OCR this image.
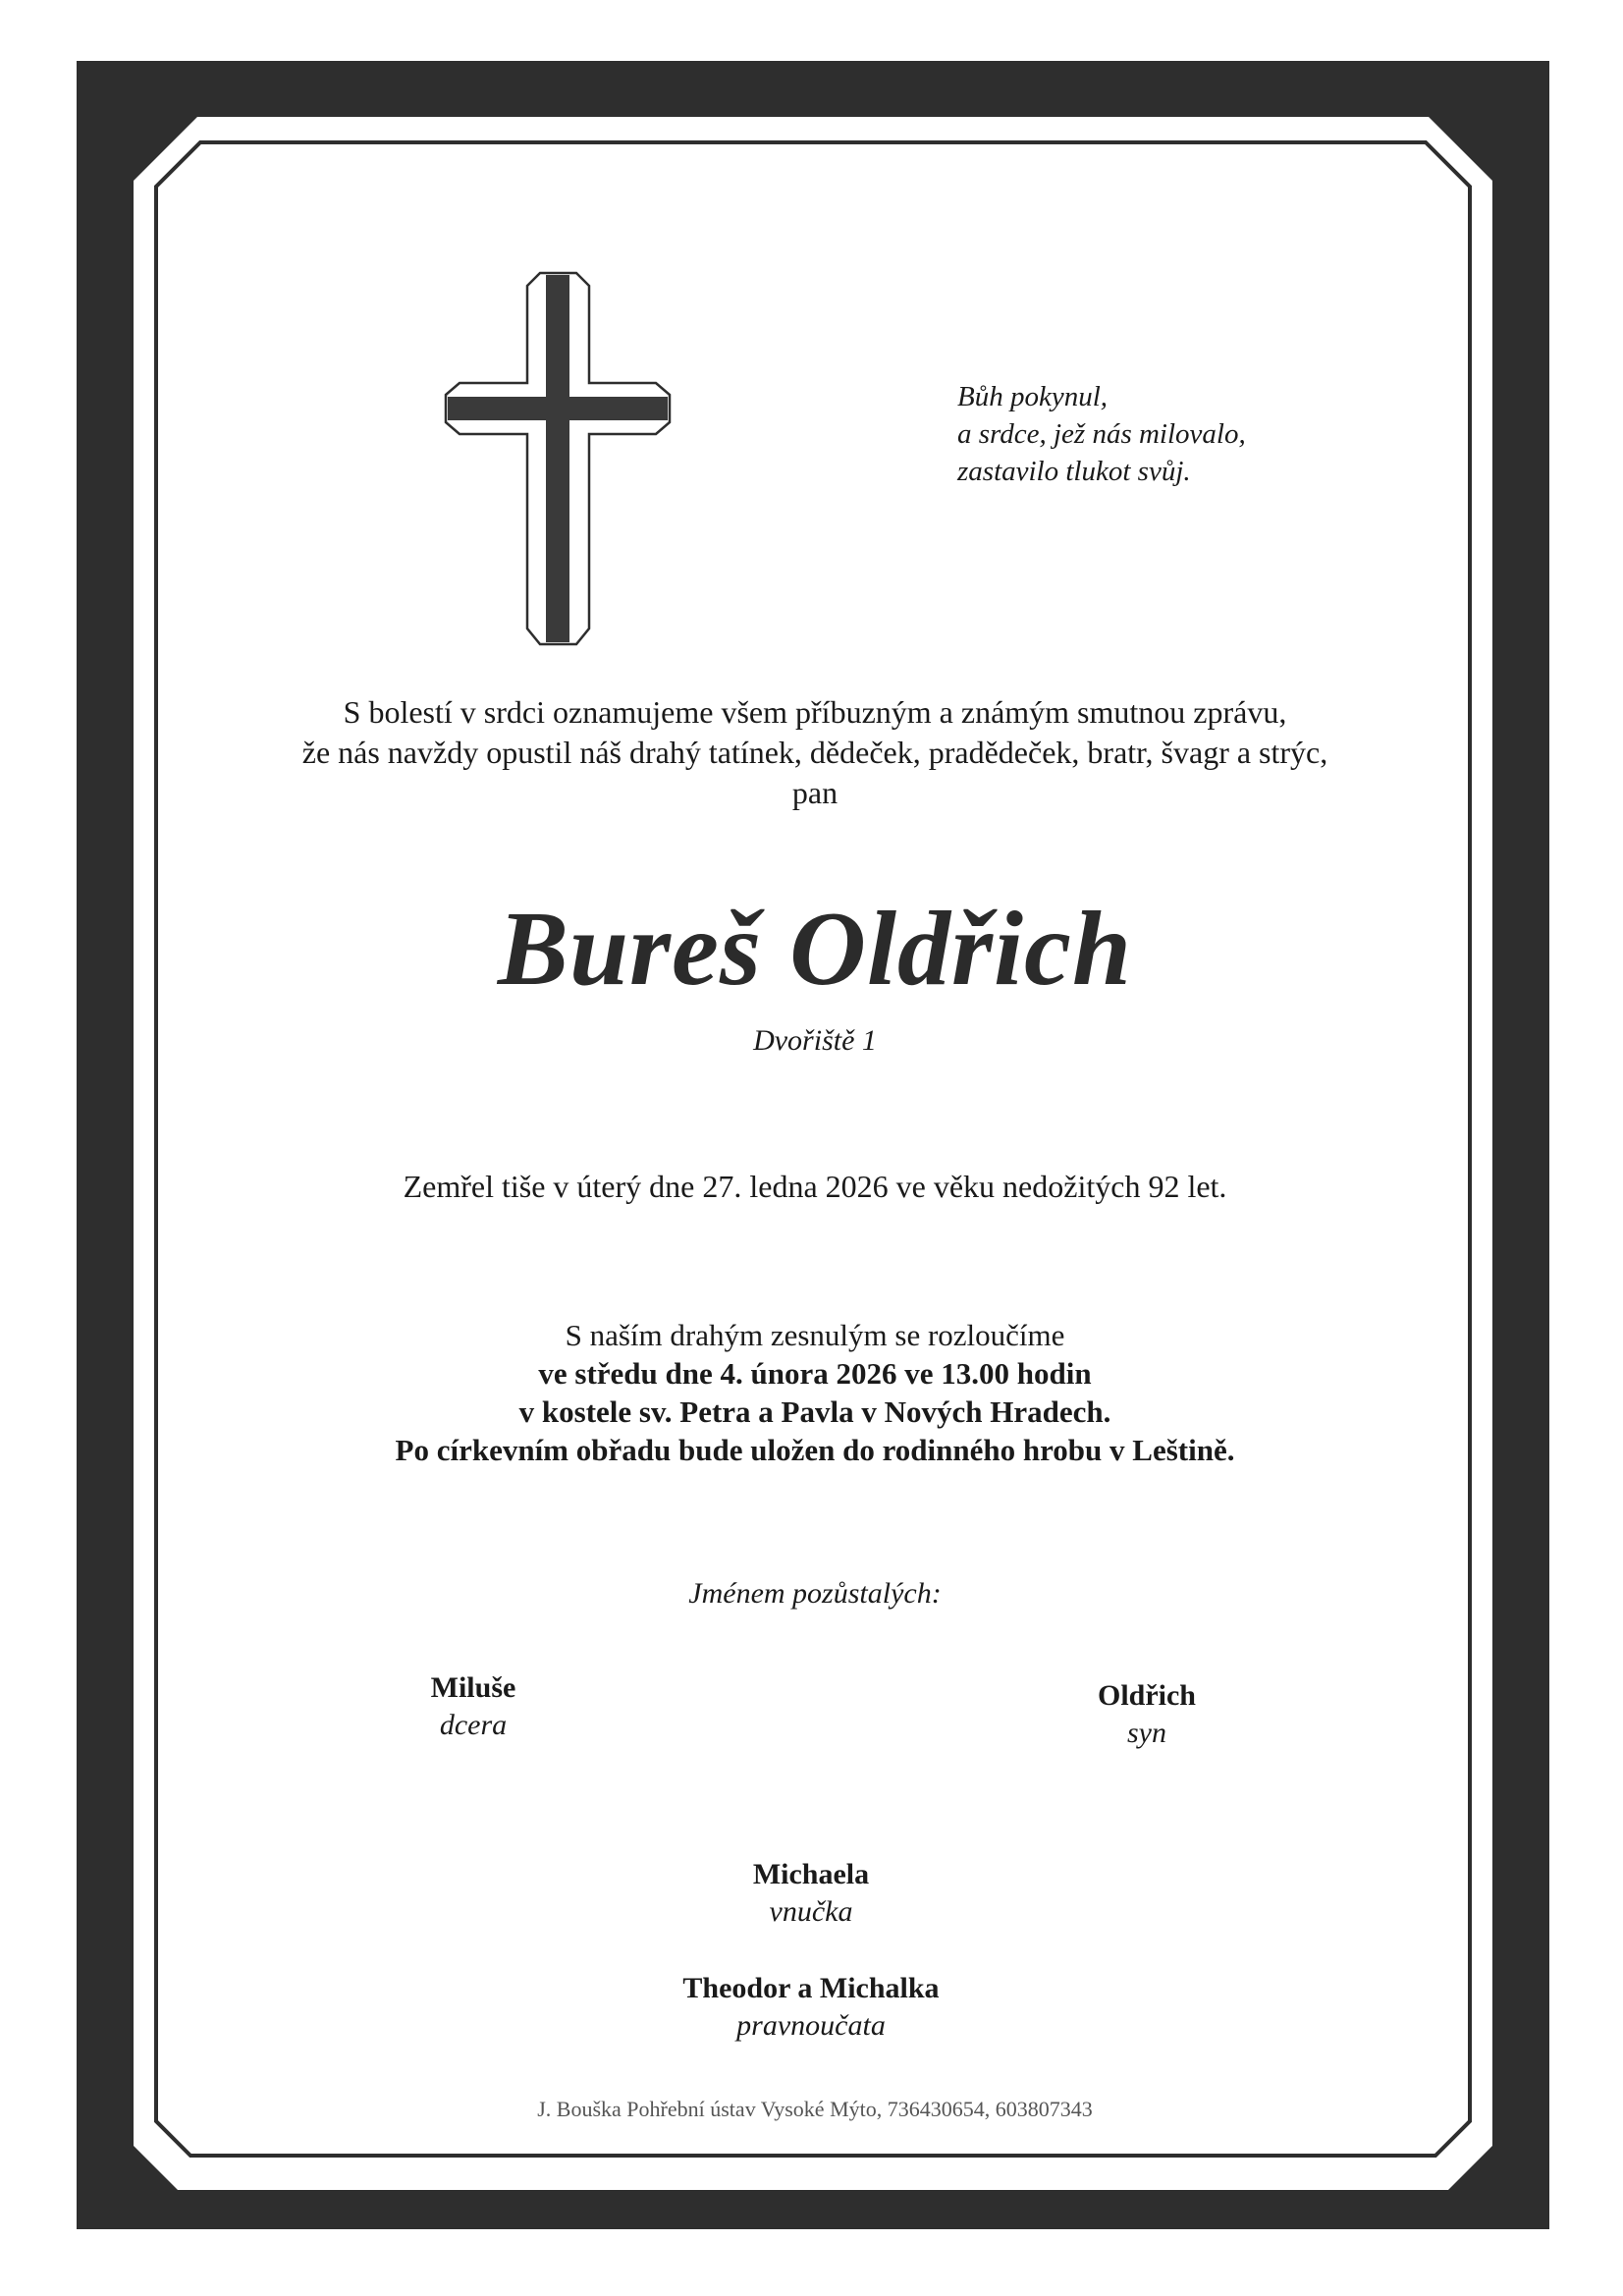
Bůh pokynul,
a srdce, jež nás milovalo,
zastavilo tlukot svůj.
S bolestí v srdci oznamujeme všem příbuzným a známým smutnou zprávu,
že nás navždy opustil náš drahý tatínek, dědeček, pradědeček, bratr, švagr a strýc,
pan
Bureš Oldřich
Dvořiště 1
Zemřel tiše v úterý dne 27. ledna 2026 ve věku nedožitých 92 let.
S naším drahým zesnulým se rozloučíme
ve středu dne 4. února 2026 ve 13.00 hodin
v kostele sv. Petra a Pavla v Nových Hradech.
Po církevním obřadu bude uložen do rodinného hrobu v Leštině.
Jménem pozůstalých:
Miluše
dcera
Oldřich
syn
Michaela
vnučka
Theodor a Michalka
pravnoučata
J. Bouška Pohřební ústav Vysoké Mýto, 736430654, 603807343
